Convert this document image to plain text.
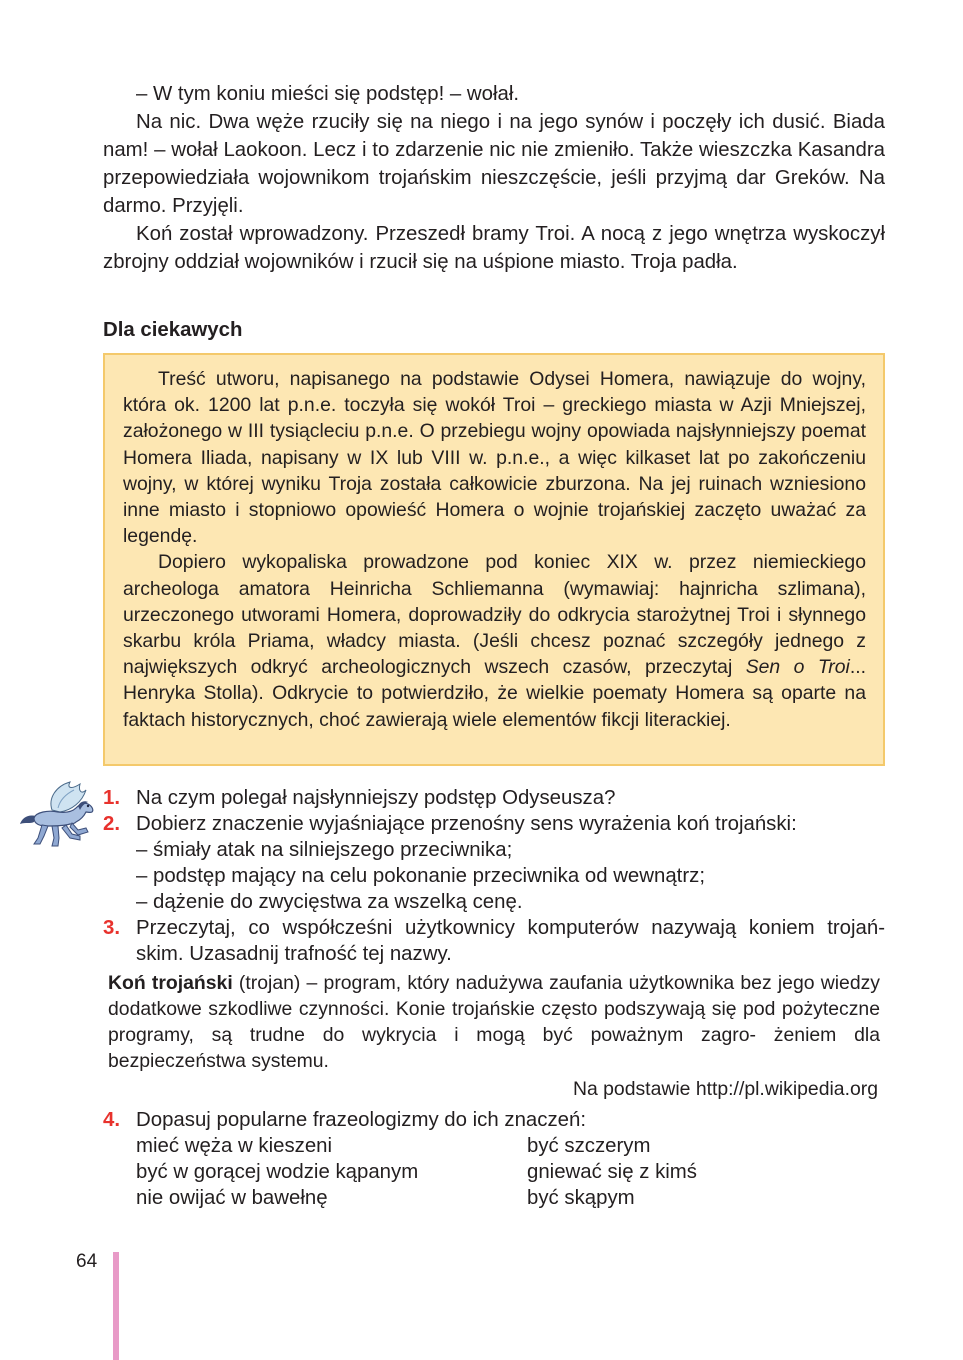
– W tym koniu mieści się podstęp! – wołał.

Na nic. Dwa węże rzuciły się na niego i na jego synów i poczęły ich dusić. Biada nam! – wołał Laokoon. Lecz i to zdarzenie nic nie zmieniło. Także wieszczka Kasandra przepowiedziała wojownikom trojańskim nieszczęście, jeśli przyjmą dar Greków. Na darmo. Przyjęli.

Koń został wprowadzony. Przeszedł bramy Troi. A nocą z jego wnętrza wyskoczył zbrojny oddział wojowników i rzucił się na uśpione miasto. Troja padła.

Dla ciekawych

Treść utworu, napisanego na podstawie Odysei Homera, nawiązuje do wojny, która ok. 1200 lat p.n.e. toczyła się wokół Troi – greckiego miasta w Azji Mniejszej, założonego w III tysiącleciu p.n.e. O przebiegu wojny opowiada najsłynniejszy poemat Homera Iliada, napisany w IX lub VIII w. p.n.e., a więc kilkaset lat po zakończeniu wojny, w której wyniku Troja została całkowicie zburzona. Na jej ruinach wzniesiono inne miasto i stopniowo opowieść Homera o wojnie trojańskiej zaczęto uważać za legendę.

Dopiero wykopaliska prowadzone pod koniec XIX w. przez niemieckiego archeologa amatora Heinricha Schliemanna (wymawiaj: hajnricha szlimana), urzeczonego utworami Homera, doprowadziły do odkrycia starożytnej Troi i słynnego skarbu króla Priama, władcy miasta. (Jeśli chcesz poznać szczegóły jednego z największych odkryć archeologicznych wszech czasów, przeczytaj Sen o Troi... Henryka Stolla). Odkrycie to potwierdziło, że wielkie poematy Homera są oparte na faktach historycznych, choć zawierają wiele elementów fikcji literackiej.

1. Na czym polegał najsłynniejszy podstęp Odyseusza?
2. Dobierz znaczenie wyjaśniające przenośny sens wyrażenia koń trojański:
– śmiały atak na silniejszego przeciwnika;
– podstęp mający na celu pokonanie przeciwnika od wewnątrz;
– dążenie do zwycięstwa za wszelką cenę.
3. Przeczytaj, co współcześni użytkownicy komputerów nazywają koniem trojań- skim. Uzasadnij trafność tej nazwy.
Koń trojański (trojan) – program, który nadużywa zaufania użytkownika bez jego wiedzy dodatkowe szkodliwe czynności. Konie trojańskie często podszywają się pod pożyteczne programy, są trudne do wykrycia i mogą być poważnym zagro- żeniem dla bezpieczeństwa systemu.
Na podstawie http://pl.wikipedia.org
4. Dopasuj popularne frazeologizmy do ich znaczeń:
mieć węża w kieszeni	być szczerym
być w gorącej wodzie kąpanym	gniewać się z kimś
nie owijać w bawełnę	być skąpym
64
